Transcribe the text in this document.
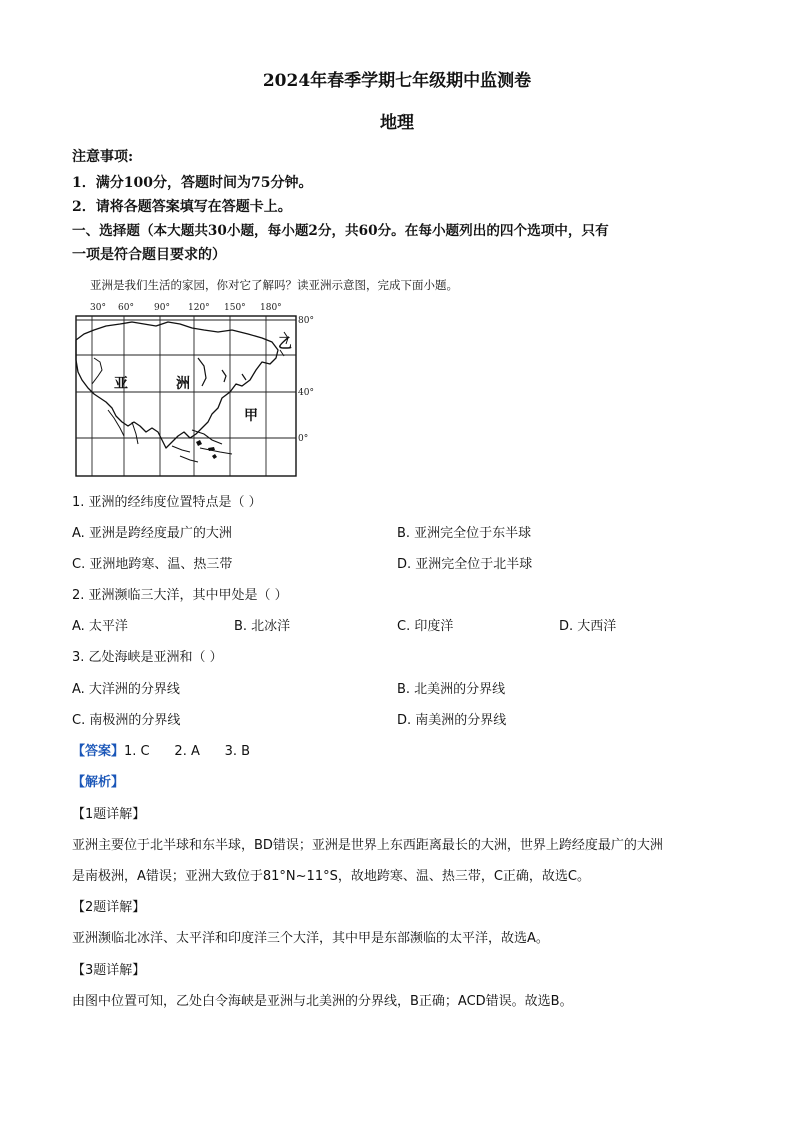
2024年春季学期七年级期中监测卷
地理
注意事项:
1．满分100分，答题时间为75分钟。
2．请将各题答案填写在答题卡上。
一、选择题（本大题共30小题，每小题2分，共60分。在每小题列出的四个选项中，只有
一项是符合题目要求的）
亚洲是我们生活的家园，你对它了解吗？读亚洲示意图，完成下面小题。
30° 60° 90° 120° 150° 180°
80°
40°
0°
亚	洲
甲
乙
1. 亚洲的经纬度位置特点是（ ）
A. 亚洲是跨经度最广的大洲	B. 亚洲完全位于东半球
C. 亚洲地跨寒、温、热三带	D. 亚洲完全位于北半球
2. 亚洲濒临三大洋，其中甲处是（ ）
A. 太平洋	B. 北冰洋	C. 印度洋	D. 大西洋
3. 乙处海峡是亚洲和（ ）
A. 大洋洲的分界线	B. 北美洲的分界线
C. 南极洲的分界线	D. 南美洲的分界线
【答案】1. C      2. A      3. B
【解析】
【1题详解】
亚洲主要位于北半球和东半球，BD错误；亚洲是世界上东西距离最长的大洲，世界上跨经度最广的大洲
是南极洲，A错误；亚洲大致位于81°N~11°S，故地跨寒、温、热三带，C正确，故选C。
【2题详解】
亚洲濒临北冰洋、太平洋和印度洋三个大洋，其中甲是东部濒临的太平洋，故选A。
【3题详解】
由图中位置可知，乙处白令海峡是亚洲与北美洲的分界线，B正确；ACD错误。故选B。
